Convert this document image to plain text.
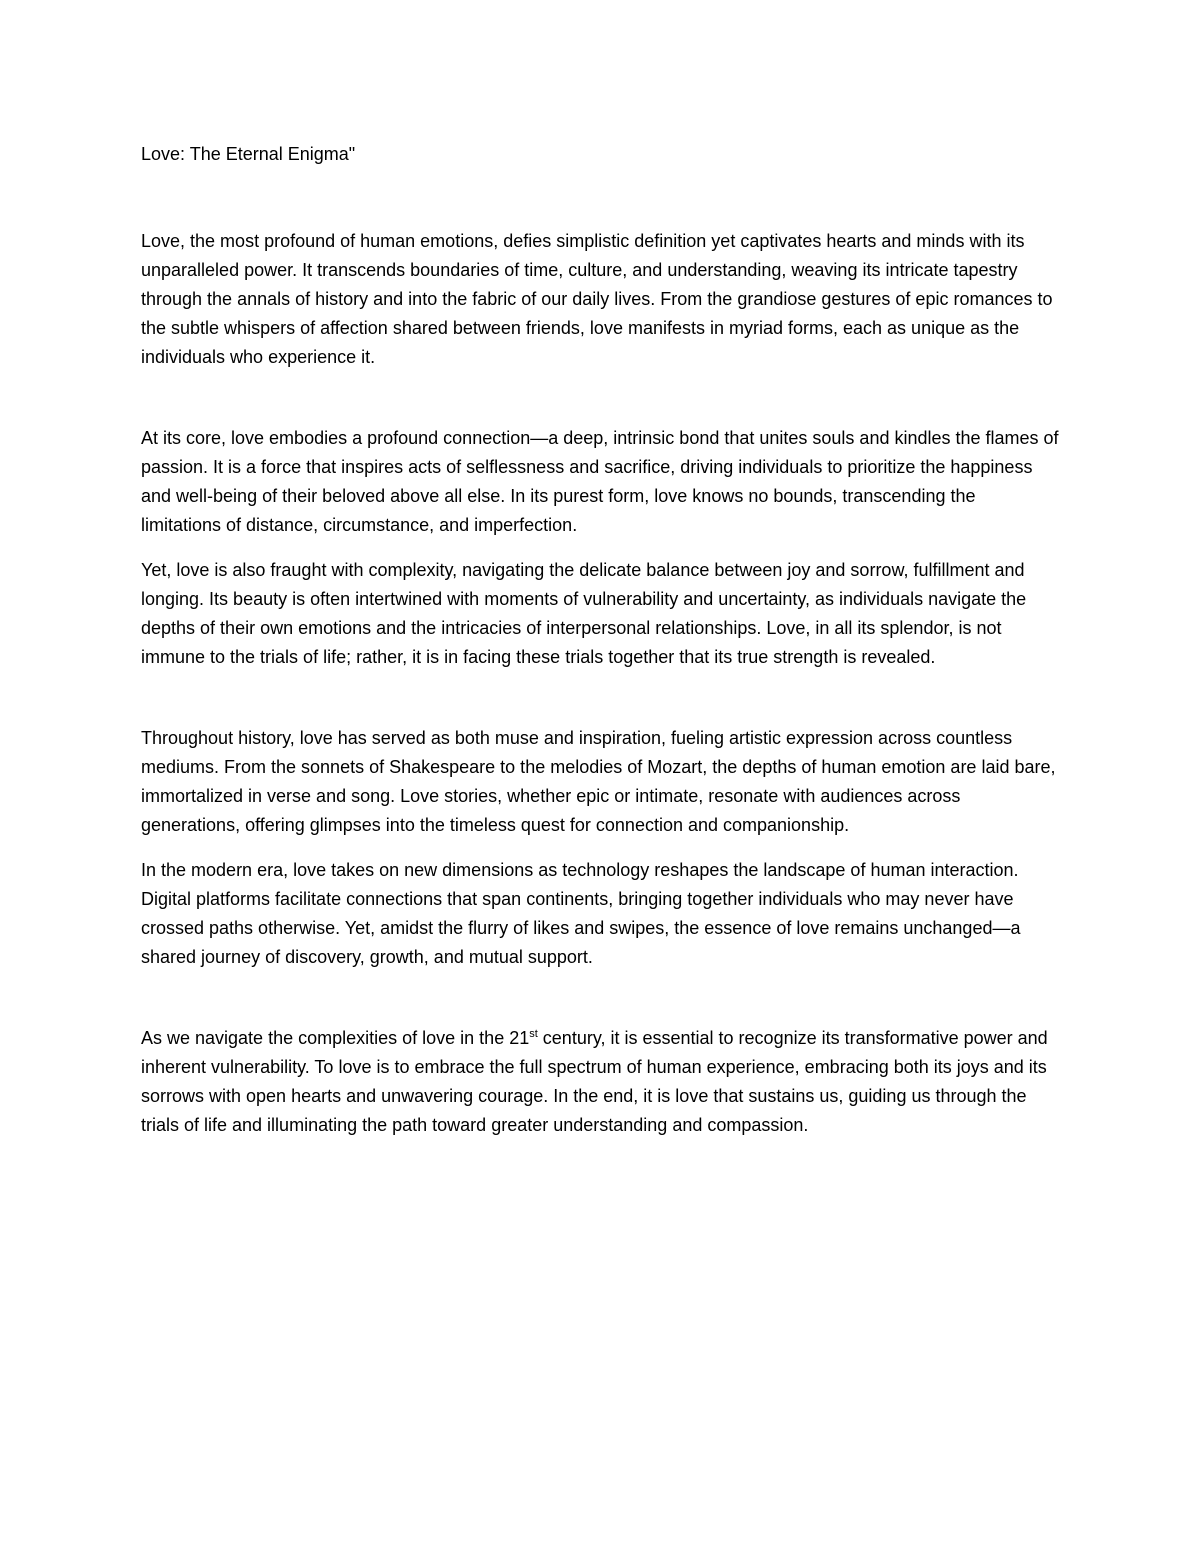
Love: The Eternal Enigma"

Love, the most profound of human emotions, defies simplistic definition yet captivates hearts and minds with its unparalleled power. It transcends boundaries of time, culture, and understanding, weaving its intricate tapestry through the annals of history and into the fabric of our daily lives. From the grandiose gestures of epic romances to the subtle whispers of affection shared between friends, love manifests in myriad forms, each as unique as the individuals who experience it.

At its core, love embodies a profound connection—a deep, intrinsic bond that unites souls and kindles the flames of passion. It is a force that inspires acts of selflessness and sacrifice, driving individuals to prioritize the happiness and well-being of their beloved above all else. In its purest form, love knows no bounds, transcending the limitations of distance, circumstance, and imperfection.

Yet, love is also fraught with complexity, navigating the delicate balance between joy and sorrow, fulfillment and longing. Its beauty is often intertwined with moments of vulnerability and uncertainty, as individuals navigate the depths of their own emotions and the intricacies of interpersonal relationships. Love, in all its splendor, is not immune to the trials of life; rather, it is in facing these trials together that its true strength is revealed.

Throughout history, love has served as both muse and inspiration, fueling artistic expression across countless mediums. From the sonnets of Shakespeare to the melodies of Mozart, the depths of human emotion are laid bare, immortalized in verse and song. Love stories, whether epic or intimate, resonate with audiences across generations, offering glimpses into the timeless quest for connection and companionship.

In the modern era, love takes on new dimensions as technology reshapes the landscape of human interaction. Digital platforms facilitate connections that span continents, bringing together individuals who may never have crossed paths otherwise. Yet, amidst the flurry of likes and swipes, the essence of love remains unchanged—a shared journey of discovery, growth, and mutual support.

As we navigate the complexities of love in the 21st century, it is essential to recognize its transformative power and inherent vulnerability. To love is to embrace the full spectrum of human experience, embracing both its joys and its sorrows with open hearts and unwavering courage. In the end, it is love that sustains us, guiding us through the trials of life and illuminating the path toward greater understanding and compassion.
